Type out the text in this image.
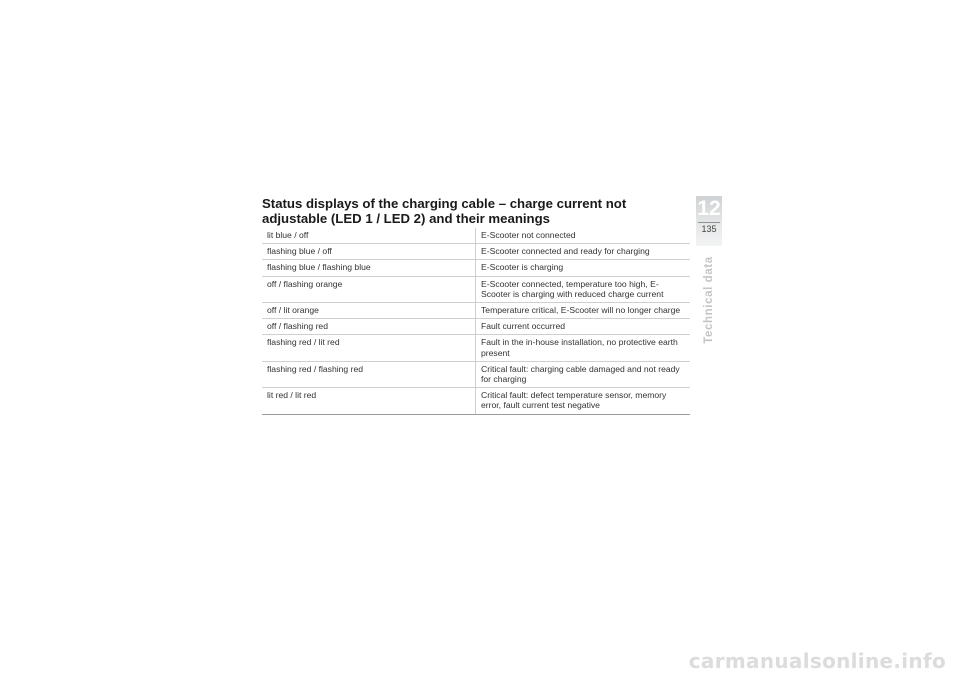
Status displays of the charging cable – charge current not adjustable (LED 1 / LED 2) and their meanings
lit blue / off	E-Scooter not connected
flashing blue / off	E-Scooter connected and ready for charging
flashing blue / flashing blue	E-Scooter is charging
off / flashing orange	E-Scooter connected, temperature too high, E-Scooter is charging with reduced charge current
off / lit orange	Temperature critical, E-Scooter will no longer charge
off / flashing red	Fault current occurred
flashing red / lit red	Fault in the in-house installation, no protective earth present
flashing red / flashing red	Critical fault: charging cable damaged and not ready for charging
lit red / lit red	Critical fault: defect temperature sensor, memory error, fault current test negative
12
135
Technical data
carmanualsonline.info
